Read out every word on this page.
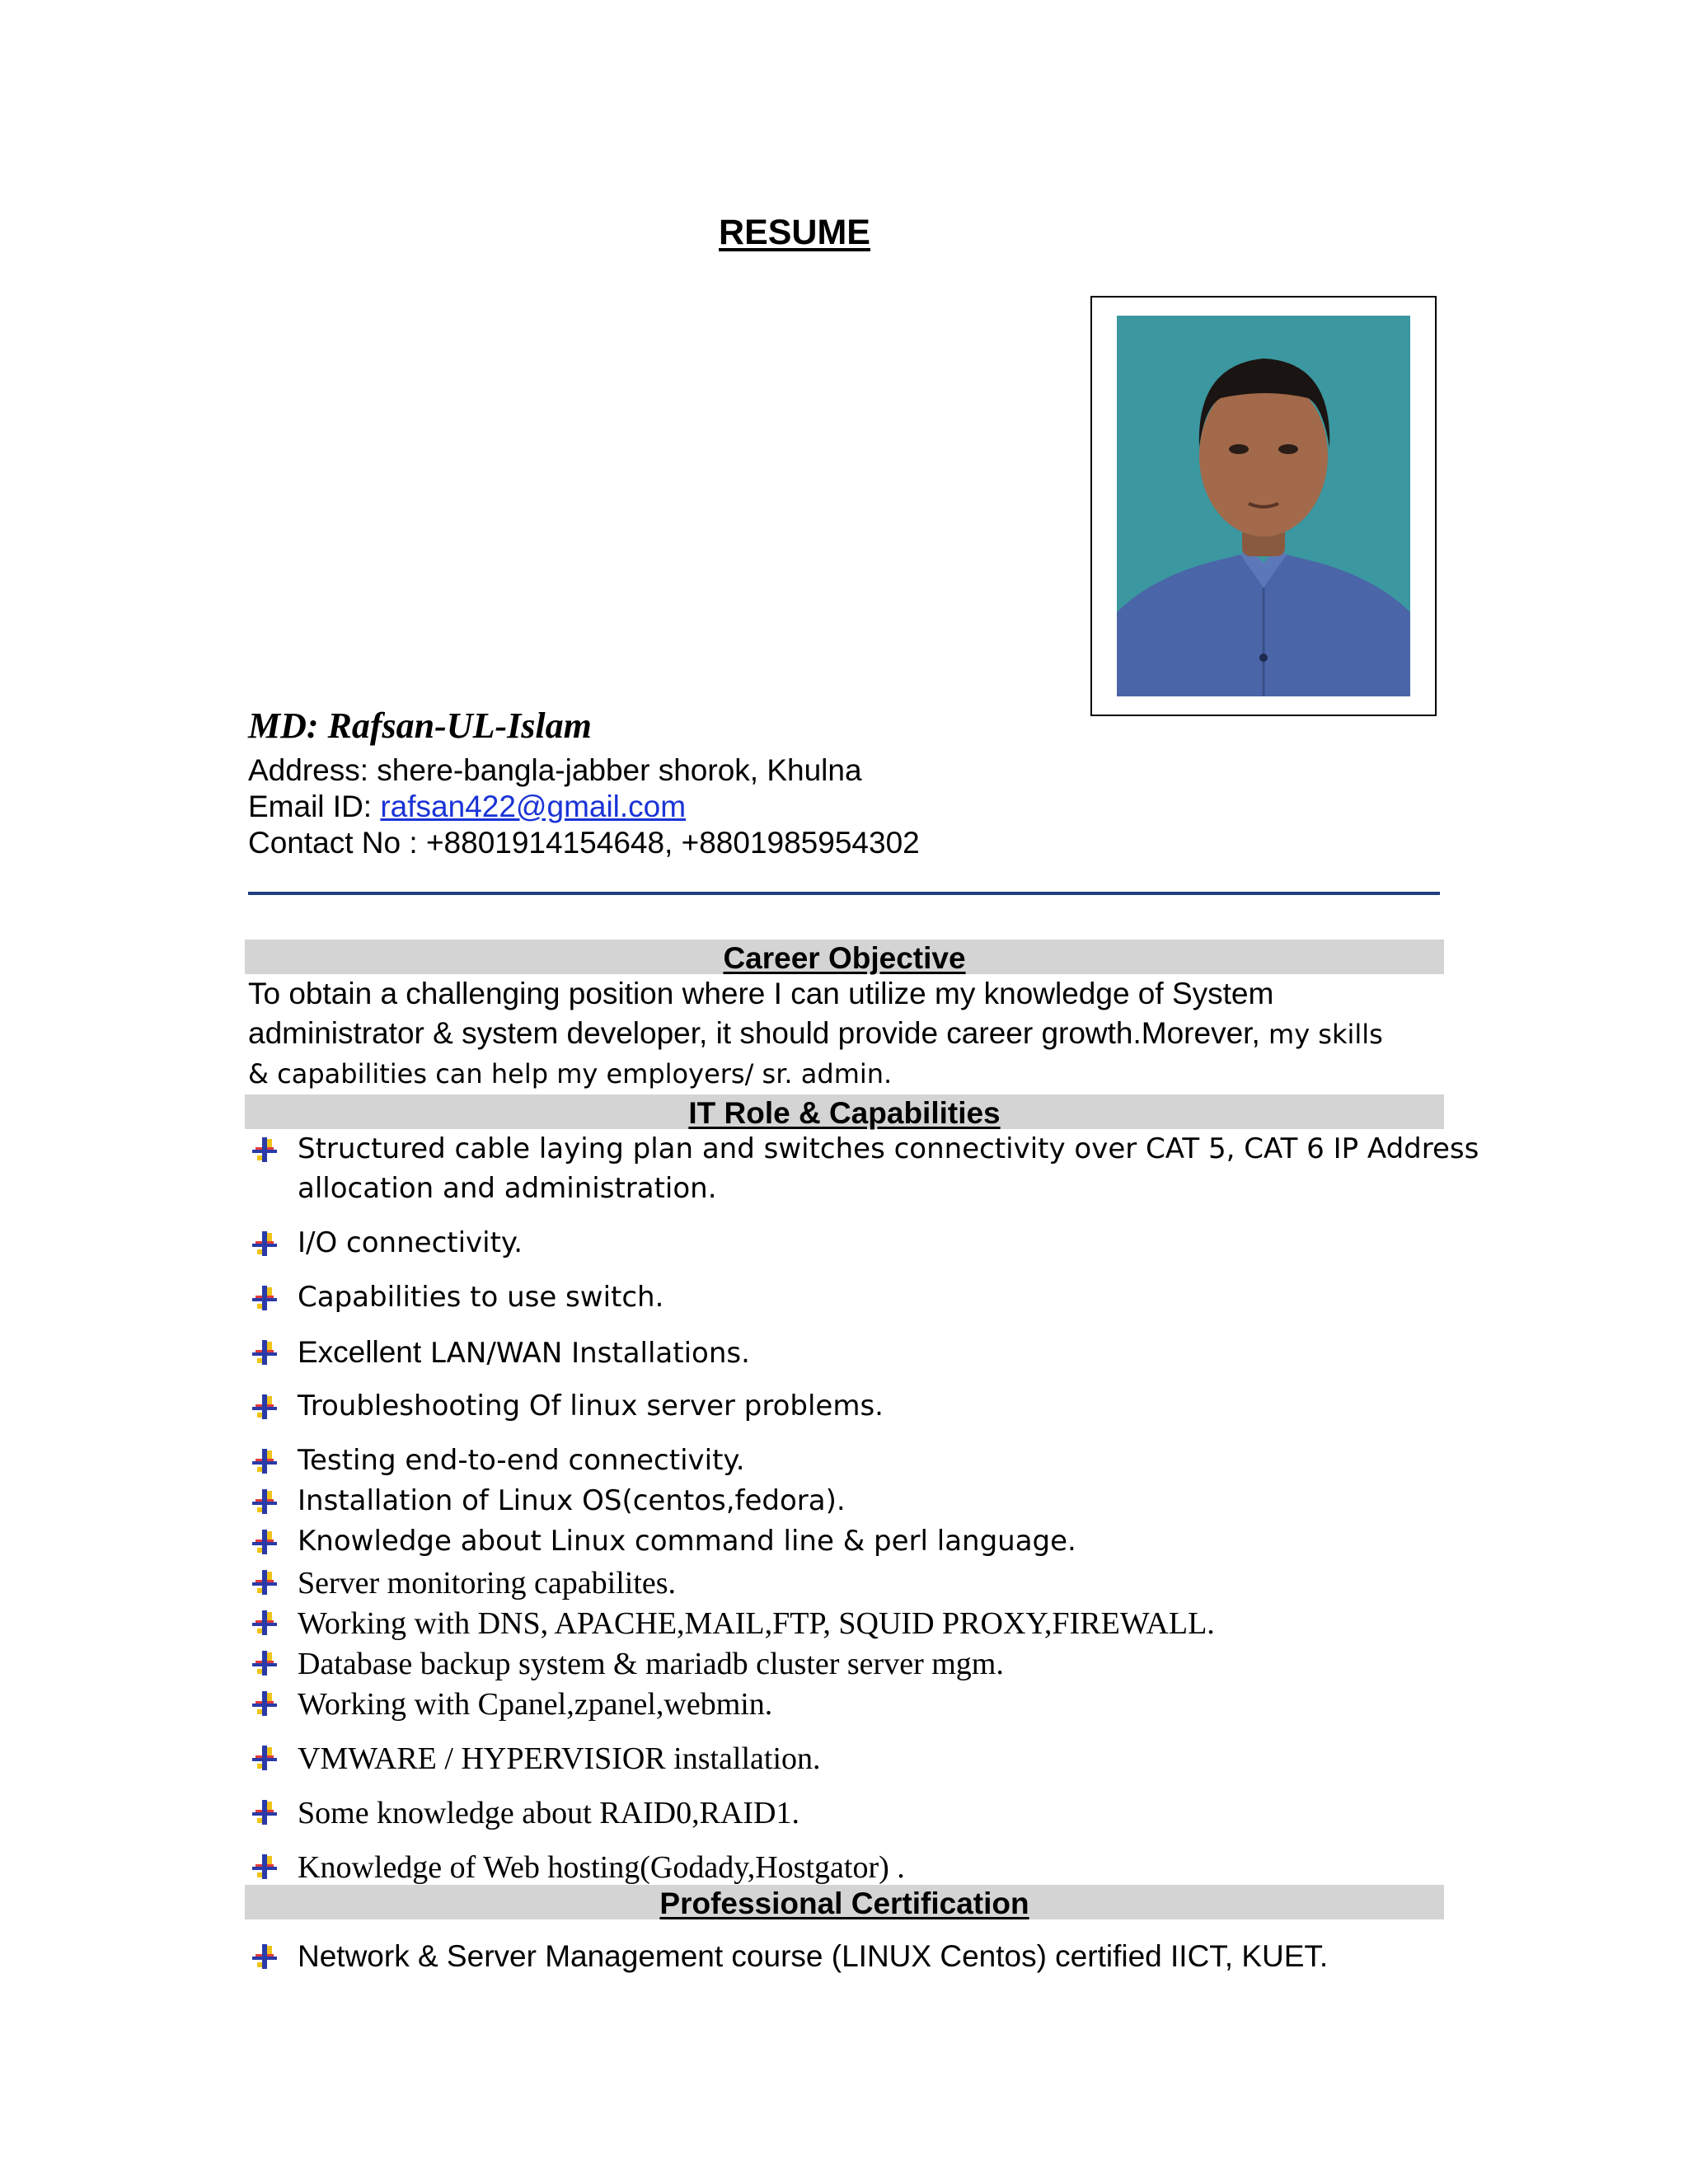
RESUME
MD: Rafsan-UL-Islam
Address: shere-bangla-jabber shorok, Khulna
Email ID: rafsan422@gmail.com
Contact No : +8801914154648, +8801985954302
Career Objective
To obtain a challenging position where I can utilize my knowledge of System
administrator & system developer, it should provide career growth.Morever, my skills
& capabilities can help my employers/ sr. admin.
IT Role & Capabilities
Structured cable laying plan and switches connectivity over CAT 5, CAT 6 IP Address
allocation and administration.
I/O connectivity.
Capabilities to use switch.
Excellent LAN/WAN Installations.
Troubleshooting Of linux server problems.
Testing end-to-end connectivity.
Installation of Linux OS(centos,fedora).
Knowledge about Linux command line & perl language.
Server monitoring capabilites.
Working with DNS, APACHE,MAIL,FTP, SQUID PROXY,FIREWALL.
Database backup system & mariadb cluster server mgm.
Working with Cpanel,zpanel,webmin.
VMWARE / HYPERVISIOR installation.
Some knowledge about RAID0,RAID1.
Knowledge of Web hosting(Godady,Hostgator) .
Professional Certification
Network & Server Management course (LINUX Centos) certified IICT, KUET.
